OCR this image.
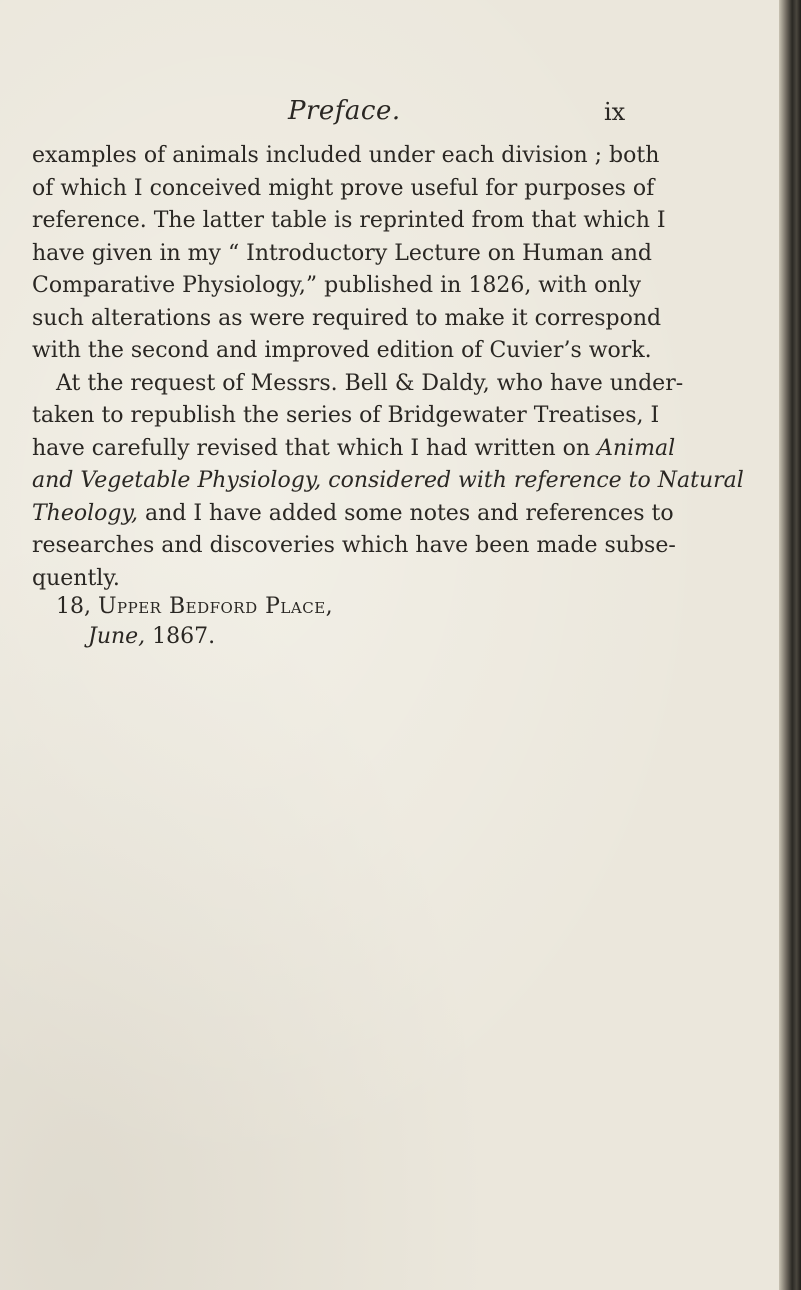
Preface.	ix
examples of animals included under each division ; both
of which I conceived might prove useful for purposes of
reference. The latter table is reprinted from that which I
have given in my “ Introductory Lecture on Human and
Comparative Physiology,” published in 1826, with only
such alterations as were required to make it correspond
with the second and improved edition of Cuvier’s work.
At the request of Messrs. Bell & Daldy, who have under-
taken to republish the series of Bridgewater Treatises, I
have carefully revised that which I had written on Animal
and Vegetable Physiology, considered with reference to Natural
Theology, and I have added some notes and references to
researches and discoveries which have been made subse-
quently.
18, Upper Bedford Place,
June, 1867.
